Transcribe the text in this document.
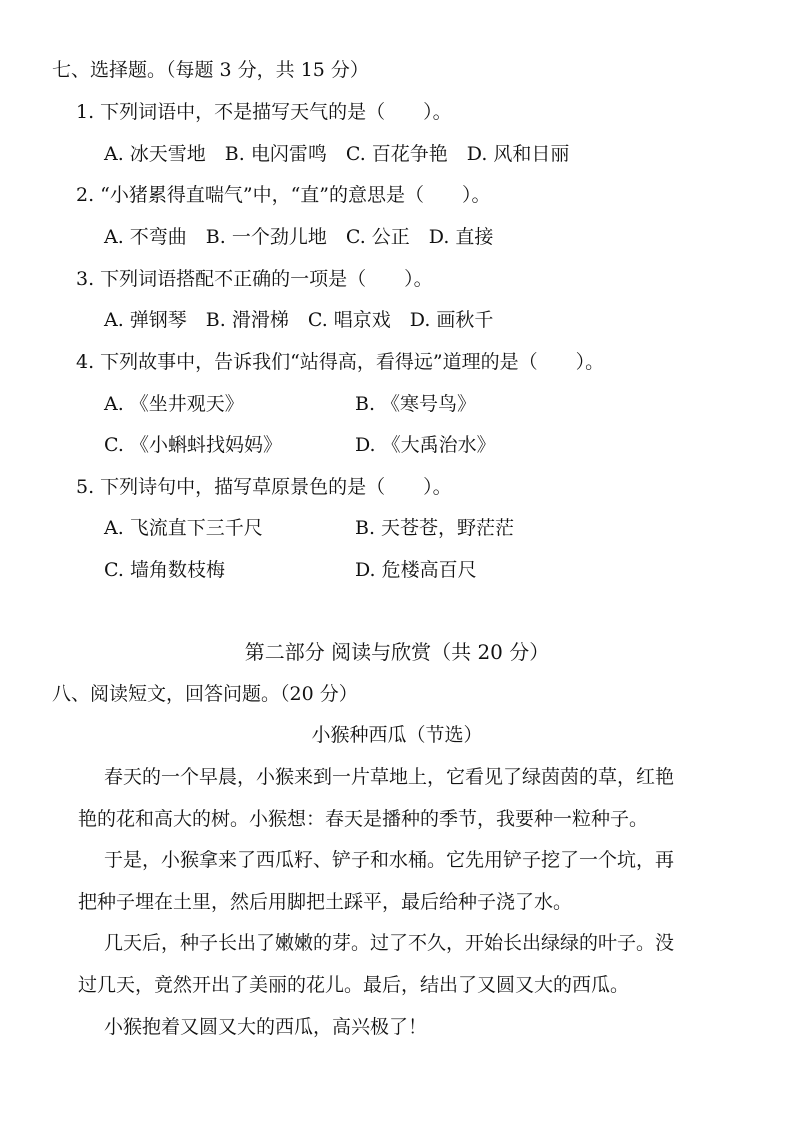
七、选择题。（每题 3 分，共 15 分）
1. 下列词语中，不是描写天气的是（　　）。
A. 冰天雪地　B. 电闪雷鸣　C. 百花争艳　D. 风和日丽
2. “小猪累得直喘气”中，“直”的意思是（　　）。
A. 不弯曲　B. 一个劲儿地　C. 公正　D. 直接
3. 下列词语搭配不正确的一项是（　　）。
A. 弹钢琴　B. 滑滑梯　C. 唱京戏　D. 画秋千
4. 下列故事中，告诉我们“站得高，看得远”道理的是（　　）。
A. 《坐井观天》	B. 《寒号鸟》
C. 《小蝌蚪找妈妈》	D. 《大禹治水》
5. 下列诗句中，描写草原景色的是（　　）。
A. 飞流直下三千尺	B. 天苍苍，野茫茫
C. 墙角数枝梅	D. 危楼高百尺
第二部分 阅读与欣赏（共 20 分）
八、阅读短文，回答问题。（20 分）
小猴种西瓜（节选）
春天的一个早晨，小猴来到一片草地上，它看见了绿茵茵的草，红艳
艳的花和高大的树。小猴想：春天是播种的季节，我要种一粒种子。
于是，小猴拿来了西瓜籽、铲子和水桶。它先用铲子挖了一个坑，再
把种子埋在土里，然后用脚把土踩平，最后给种子浇了水。
几天后，种子长出了嫩嫩的芽。过了不久，开始长出绿绿的叶子。没
过几天，竟然开出了美丽的花儿。最后，结出了又圆又大的西瓜。
小猴抱着又圆又大的西瓜，高兴极了！
